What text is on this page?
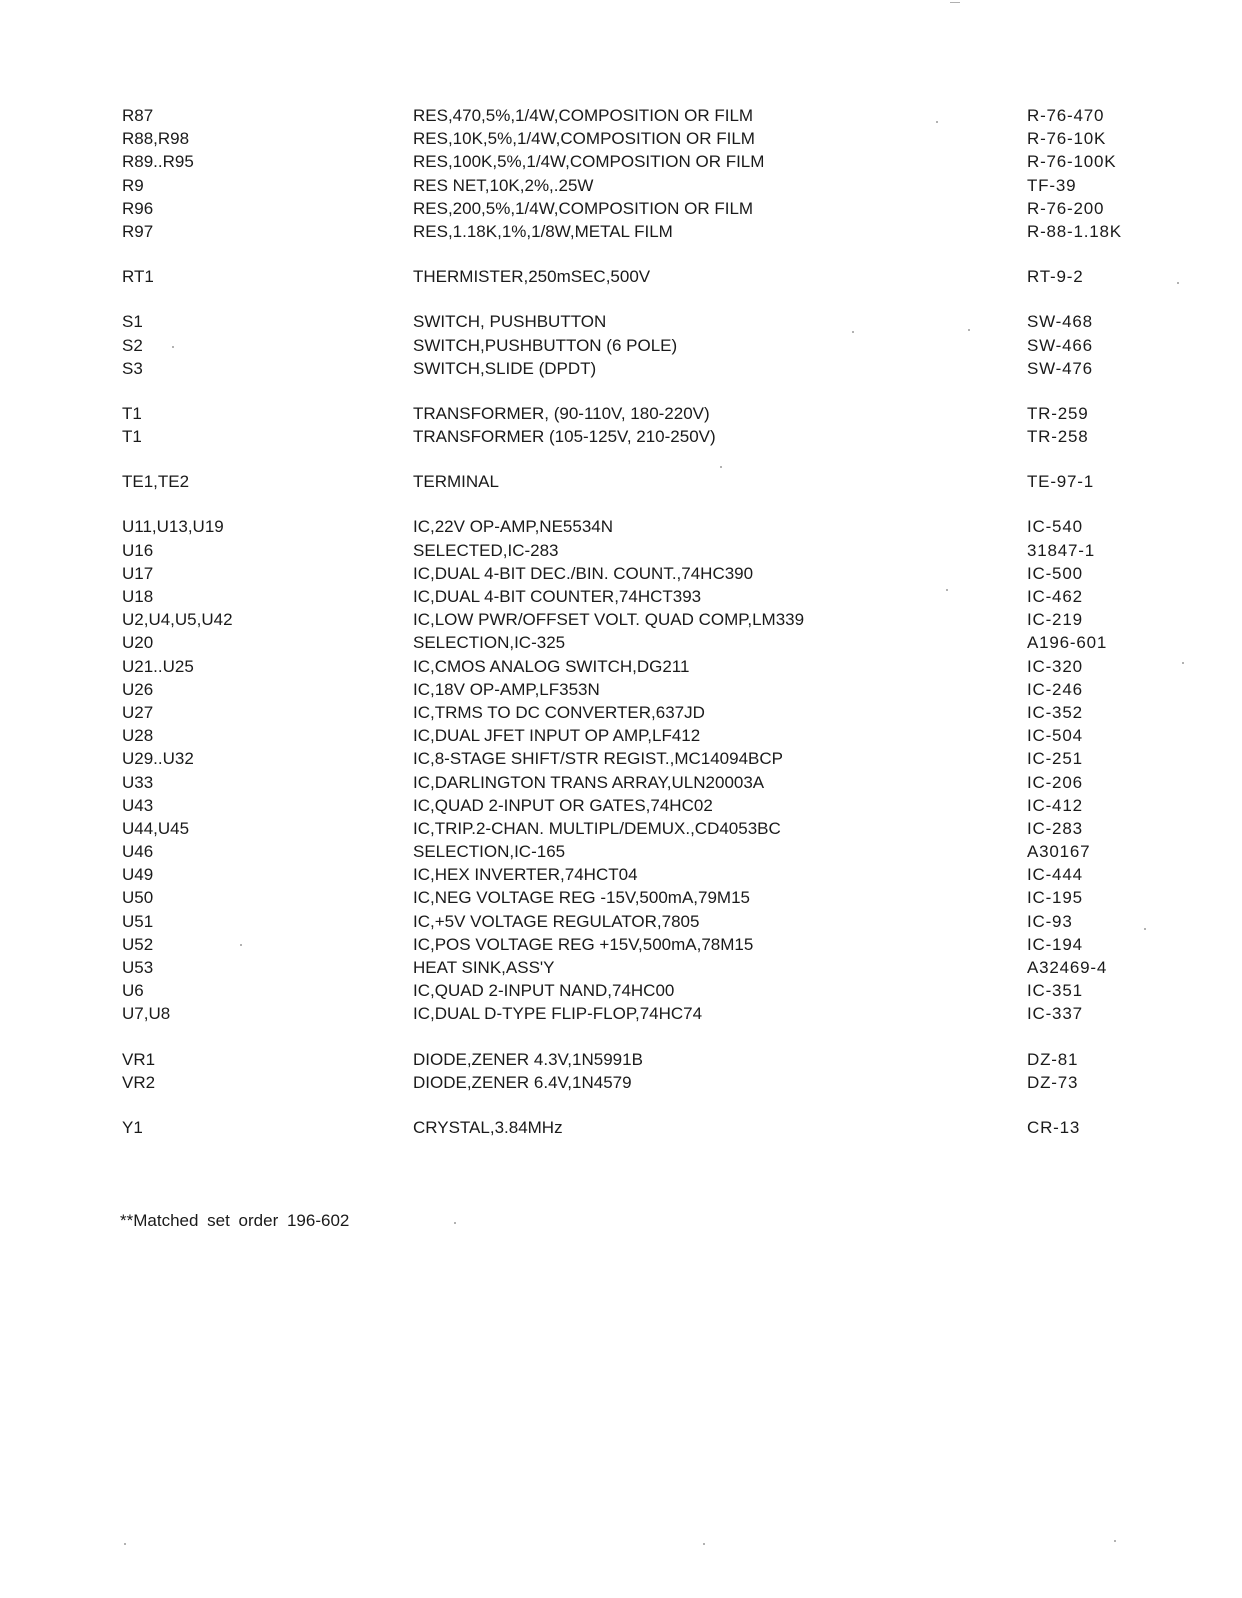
R87	RES,470,5%,1/4W,COMPOSITION OR FILM	R-76-470
R88,R98	RES,10K,5%,1/4W,COMPOSITION OR FILM	R-76-10K
R89..R95	RES,100K,5%,1/4W,COMPOSITION OR FILM	R-76-100K
R9	RES NET,10K,2%,.25W	TF-39
R96	RES,200,5%,1/4W,COMPOSITION OR FILM	R-76-200
R97	RES,1.18K,1%,1/8W,METAL FILM	R-88-1.18K
RT1	THERMISTER,250mSEC,500V	RT-9-2
S1	SWITCH, PUSHBUTTON	SW-468
S2	SWITCH,PUSHBUTTON (6 POLE)	SW-466
S3	SWITCH,SLIDE (DPDT)	SW-476
T1	TRANSFORMER, (90-110V, 180-220V)	TR-259
T1	TRANSFORMER (105-125V, 210-250V)	TR-258
TE1,TE2	TERMINAL	TE-97-1
U11,U13,U19	IC,22V OP-AMP,NE5534N	IC-540
U16	SELECTED,IC-283	31847-1
U17	IC,DUAL 4-BIT DEC./BIN. COUNT.,74HC390	IC-500
U18	IC,DUAL 4-BIT COUNTER,74HCT393	IC-462
U2,U4,U5,U42	IC,LOW PWR/OFFSET VOLT. QUAD COMP,LM339	IC-219
U20	SELECTION,IC-325	A196-601
U21..U25	IC,CMOS ANALOG SWITCH,DG211	IC-320
U26	IC,18V OP-AMP,LF353N	IC-246
U27	IC,TRMS TO DC CONVERTER,637JD	IC-352
U28	IC,DUAL JFET INPUT OP AMP,LF412	IC-504
U29..U32	IC,8-STAGE SHIFT/STR REGIST.,MC14094BCP	IC-251
U33	IC,DARLINGTON TRANS ARRAY,ULN20003A	IC-206
U43	IC,QUAD 2-INPUT OR GATES,74HC02	IC-412
U44,U45	IC,TRIP.2-CHAN. MULTIPL/DEMUX.,CD4053BC	IC-283
U46	SELECTION,IC-165	A30167
U49	IC,HEX INVERTER,74HCT04	IC-444
U50	IC,NEG VOLTAGE REG -15V,500mA,79M15	IC-195
U51	IC,+5V VOLTAGE REGULATOR,7805	IC-93
U52	IC,POS VOLTAGE REG +15V,500mA,78M15	IC-194
U53	HEAT SINK,ASS'Y	A32469-4
U6	IC,QUAD 2-INPUT NAND,74HC00	IC-351
U7,U8	IC,DUAL D-TYPE FLIP-FLOP,74HC74	IC-337
VR1	DIODE,ZENER 4.3V,1N5991B	DZ-81
VR2	DIODE,ZENER 6.4V,1N4579	DZ-73
Y1	CRYSTAL,3.84MHz	CR-13
**Matched set order 196-602
